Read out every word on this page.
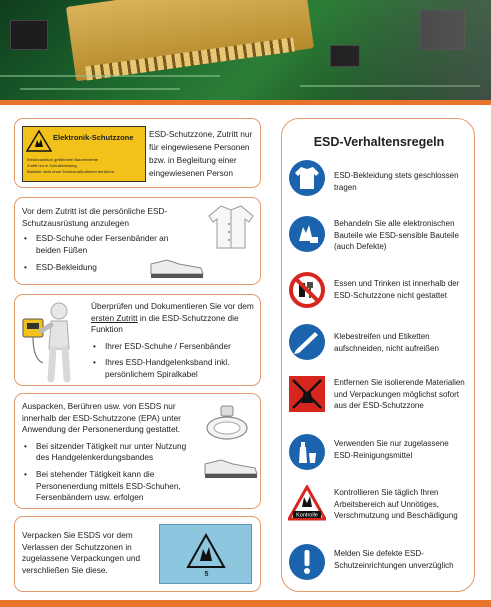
Elektronik-Schutzzone
Elektrostatisch gefährdete Bauelemente
Zutritt nur in Schutzkleidung
Bauteile nicht ohne Schutzmaßnahmen berühren
ESD-Schutzzone, Zutritt nur für eingewiesene Personen bzw. in Begleitung einer eingewiesenen Person
Vor dem Zutritt ist die persönliche ESD-Schutzausrüstung anzulegen
• ESD-Schuhe oder Fersenbänder an beiden Füßen
• ESD-Bekleidung
Überprüfen und Dokumentieren Sie vor dem ersten Zutritt in die ESD-Schutzzone die Funktion
• Ihrer ESD-Schuhe / Fersenbänder
• Ihres ESD-Handgelenksband inkl. persönlichem Spiralkabel
Auspacken, Berühren usw. von ESDS nur innerhalb der ESD-Schutzzone (EPA) unter Anwendung der Personenerdung gestattet.
• Bei sitzender Tätigkeit nur unter Nutzung des Handgelenkerdungsbandes
• Bei stehender Tätigkeit kann die Personenerdung mittels ESD-Schuhen, Fersenbändern usw. erfolgen
Verpacken Sie ESDS vor dem Verlassen der Schutzzonen in zugelassene Verpackungen und verschließen Sie diese.	5
ESD-Verhaltensregeln
ESD-Bekleidung stets geschlossen tragen
Behandeln Sie alle elektronischen Bauteile wie ESD-sensible Bauteile (auch Defekte)
Essen und Trinken ist innerhalb der ESD-Schutzzone nicht gestattet
Klebestreifen und Etiketten aufschneiden, nicht aufreißen
Entfernen Sie isolierende Materialien und Verpackungen möglichst sofort aus der ESD-Schutzzone
Verwenden Sie nur zugelassene ESD-Reinigungsmittel
Kontrolle
Kontrollieren Sie täglich Ihren Arbeitsbereich auf Unnötiges, Verschmutzung und Beschädigung
Melden Sie defekte ESD-Schutzeinrichtungen unverzüglich
